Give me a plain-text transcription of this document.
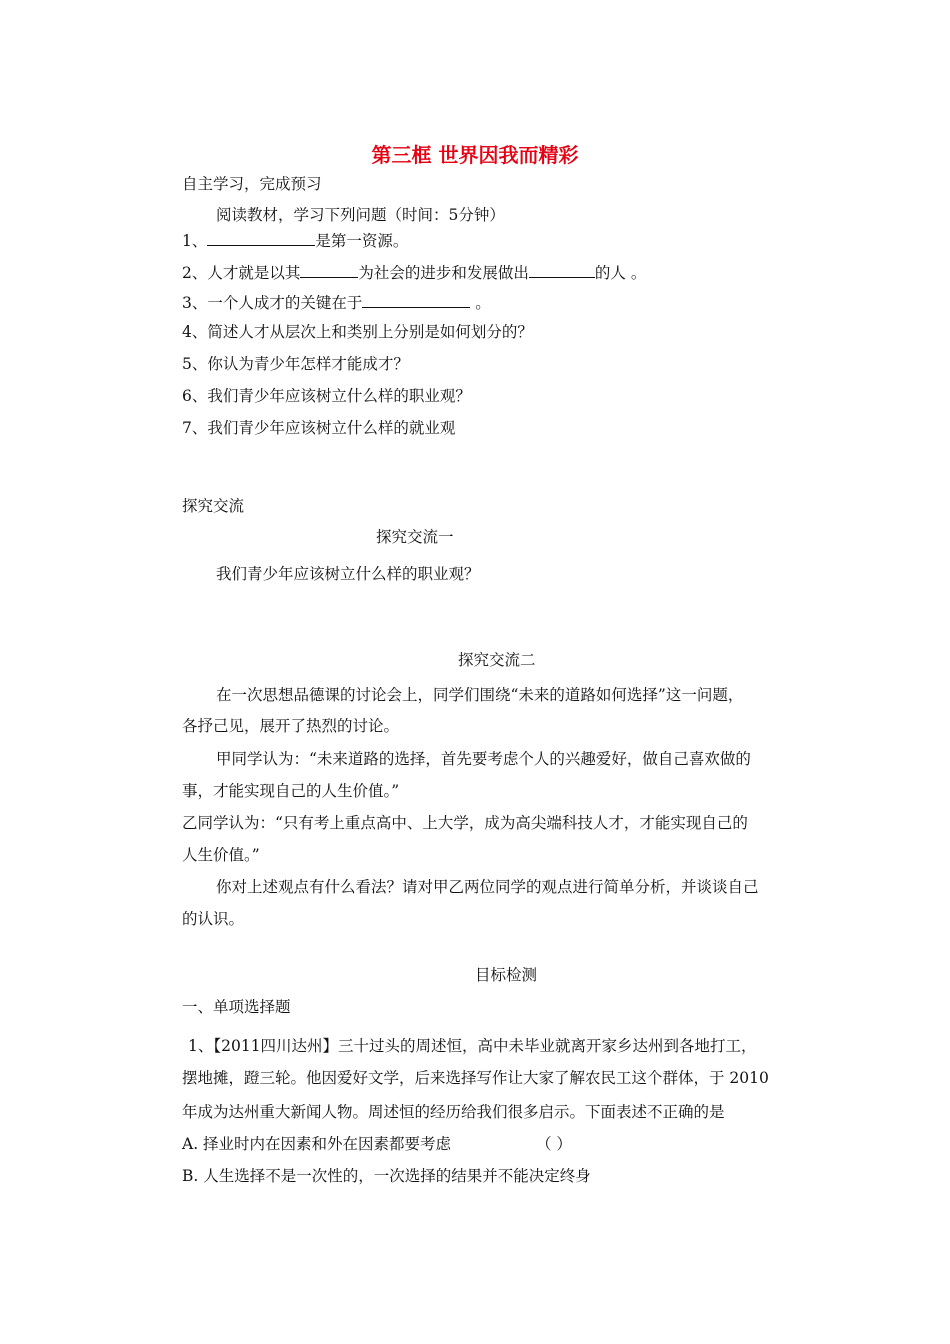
第三框 世界因我而精彩
自主学习，完成预习
阅读教材，学习下列问题（时间：5分钟）
1、	是第一资源。
2、人才就是以其	为社会的进步和发展做出	的人 。
3、一个人成才的关键在于	。
4、简述人才从层次上和类别上分别是如何划分的？
5、你认为青少年怎样才能成才？
6、我们青少年应该树立什么样的职业观？
7、我们青少年应该树立什么样的就业观
探究交流
探究交流一
我们青少年应该树立什么样的职业观？
探究交流二
在一次思想品德课的讨论会上，同学们围绕“未来的道路如何选择”这一问题，
各抒己见，展开了热烈的讨论。
甲同学认为：“未来道路的选择，首先要考虑个人的兴趣爱好，做自己喜欢做的
事，才能实现自己的人生价值。”
乙同学认为：“只有考上重点高中、上大学，成为高尖端科技人才，才能实现自己的
人生价值。”
你对上述观点有什么看法？请对甲乙两位同学的观点进行简单分析，并谈谈自己
的认识。
目标检测
一、单项选择题
1、【2011四川达州】三十过头的周述恒，高中未毕业就离开家乡达州到各地打工，
摆地摊，蹬三轮。他因爱好文学，后来选择写作让大家了解农民工这个群体，于 2010
年成为达州重大新闻人物。周述恒的经历给我们很多启示。下面表述不正确的是
A. 择业时内在因素和外在因素都要考虑	（ ）
B. 人生选择不是一次性的，一次选择的结果并不能决定终身
